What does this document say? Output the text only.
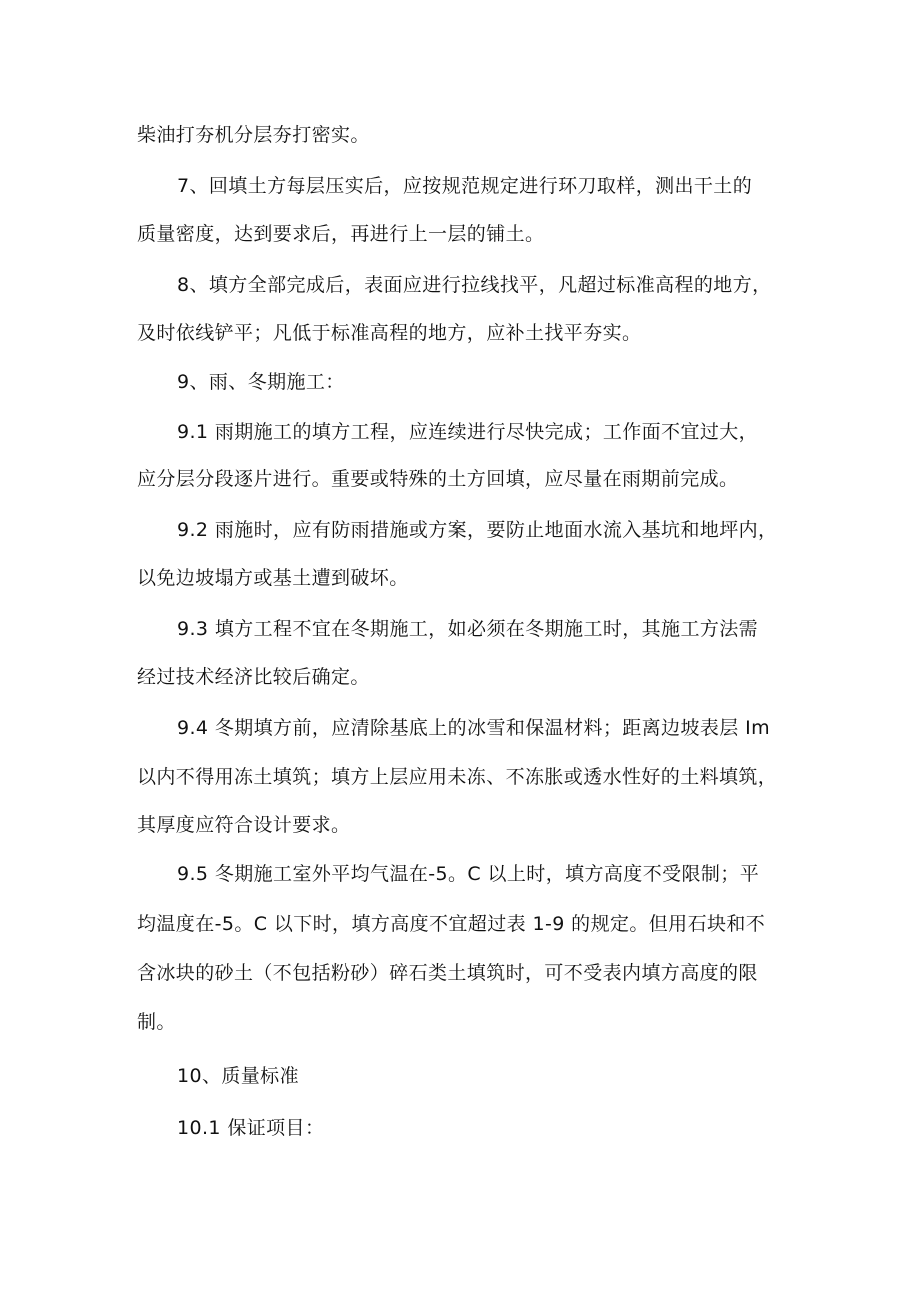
柴油打夯机分层夯打密实。

7、回填土方每层压实后，应按规范规定进行环刀取样，测出干土的

质量密度，达到要求后，再进行上一层的铺土。

8、填方全部完成后，表面应进行拉线找平，凡超过标准高程的地方，

及时依线铲平；凡低于标准高程的地方，应补土找平夯实。

9、雨、冬期施工：

9.1 雨期施工的填方工程，应连续进行尽快完成；工作面不宜过大，

应分层分段逐片进行。重要或特殊的土方回填，应尽量在雨期前完成。

9.2 雨施时，应有防雨措施或方案，要防止地面水流入基坑和地坪内，

以免边坡塌方或基土遭到破坏。

9.3 填方工程不宜在冬期施工，如必须在冬期施工时，其施工方法需

经过技术经济比较后确定。

9.4 冬期填方前，应清除基底上的冰雪和保温材料；距离边坡表层 Im

以内不得用冻土填筑；填方上层应用未冻、不冻胀或透水性好的土料填筑，

其厚度应符合设计要求。

9.5 冬期施工室外平均气温在-5。C 以上时，填方高度不受限制；平

均温度在-5。C 以下时，填方高度不宜超过表 1-9 的规定。但用石块和不

含冰块的砂土（不包括粉砂）碎石类土填筑时，可不受表内填方高度的限

制。

10、质量标准

10.1 保证项目：
